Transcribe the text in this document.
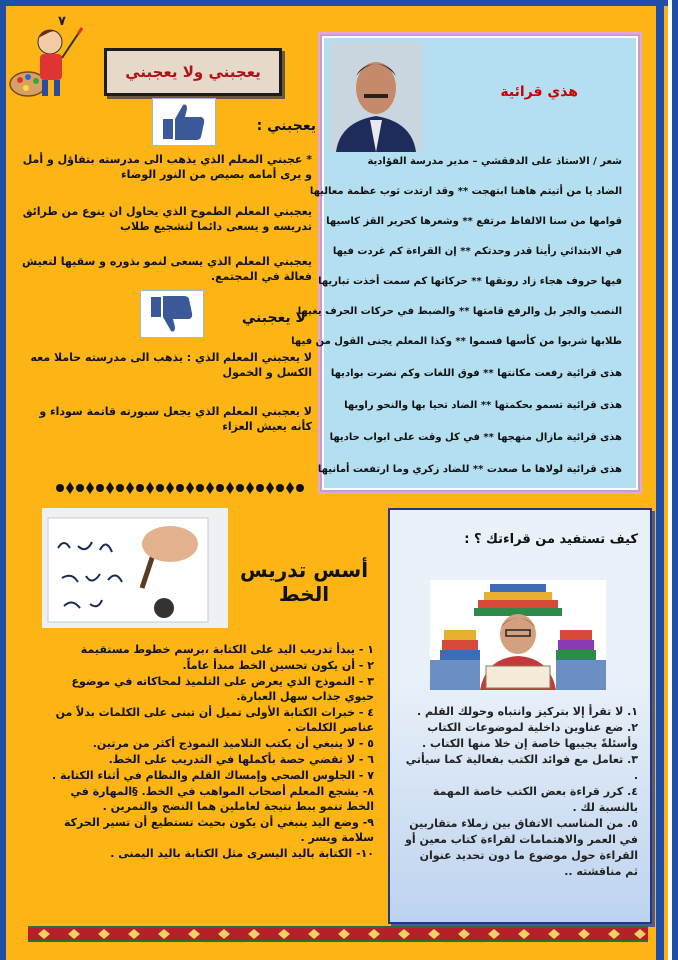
٧
يعجبني ولا يعجبني
يعجبني :
* عجبني المعلم الذي يذهب الى مدرسته بتفاؤل و أمل و يرى أمامه بصيص من النور الوضاء
يعجبني المعلم الطموح الذي يحاول ان ينوع من طرائق تدريسه و يسعى دائما لتشجيع طلاب
يعجبني المعلم الذي يسعى لنمو بذوره و سقيها لتعيش فعالة في المجتمع.
لا يعجبني
لا يعجبني المعلم الذي : يذهب الى مدرسته حاملا معه الكسل و الخمول
لا يعجبني المعلم الذي يجعل سبورته قاتمة سوداء و كأنه يعيش العزاء
هذي قرائية
شعر / الاستاذ على الدفقشي – مدير مدرسة الفؤادية
الضاد يا من أتيتم هاهنا ابتهجت ** وقد ارتدت ثوب عظمة معاليها
قوامها من سنا الالفاظ مرتفع ** وشعرها كحرير القز كاسيها
في الابتدائي رأينا قدر وحدتكم ** إن القراءة كم غردت فيها
فيها حروف هجاء زاد رونقها ** حركاتها كم سمت أخذت تباريها
النصب والجر بل والرفع قامتها ** والضبط في حركات الحرف يغيها
طلابها شربوا من كأسها فسموا ** وكذا المعلم يجنى القول من فيها
هذى قرائية رفعت مكانتها ** فوق اللغات وكم نضرت بواديها
هذى قرائية تسمو بحكمتها ** الضاد تحيا بها والنحو راويها
هذى قرائية مازال منهجها ** في كل وقت على ابواب حاديها
هذى قرائية لولاها ما صعدت ** للضاد زكري وما ارتفعت أمانيها
أسس تدريس الخط
١ - يبدأ تدريب اليد على الكتابة ،برسم خطوط مستقيمة
٢ - أن يكون تحسين الخط مبدأ عاماً.
٣ - النموذج الذي يعرض على التلميذ لمحاكاته في موضوع حيوي جذاب سهل العبارة.
٤ - خبرات الكتابة الأولى تميل أن تبنى على الكلمات بدلاً من عناصر الكلمات .
٥ - لا ينبغي أن يكتب التلاميذ النموذج أكثر من مرتين.
٦ - لا تقضي حصة بأكملها في التدريب على الخط.
٧ - الجلوس الصحي وإمساك القلم والنظام في أثناء الكتابة .
٨- يشجع المعلم أصحاب المواهب في الخط. §المهارة في الخط تنمو ببط نتيجة لعاملين هما النضج والتمرين .
٩- وضع اليد ينبغي أن يكون بحيث تستطيع أن تسير الحركة سلامة ويسر .
١٠- الكتابة باليد اليسرى مثل الكتابة باليد اليمنى .
كيف تستفيد من قراءتك ؟ :
١. لا تقرأ إلا بتركيز وانتباه وحولك القلم .
٢. ضع عناوين داخلية لموضوعات الكتاب وأسئلةً يجيبها خاصة إن خلا منها الكتاب .
٣. تعامل مع فوائد الكتب بفعالية كما سيأتي .
٤. كرر قراءة بعض الكتب خاصة المهمة بالنسبة لك .
٥. من المناسب الاتفاق بين زملاء متقاربين في العمر والاهتمامات لقراءة كتاب معين أو القراءة حول موضوع ما دون تحديد عنوان ثم مناقشته ..
